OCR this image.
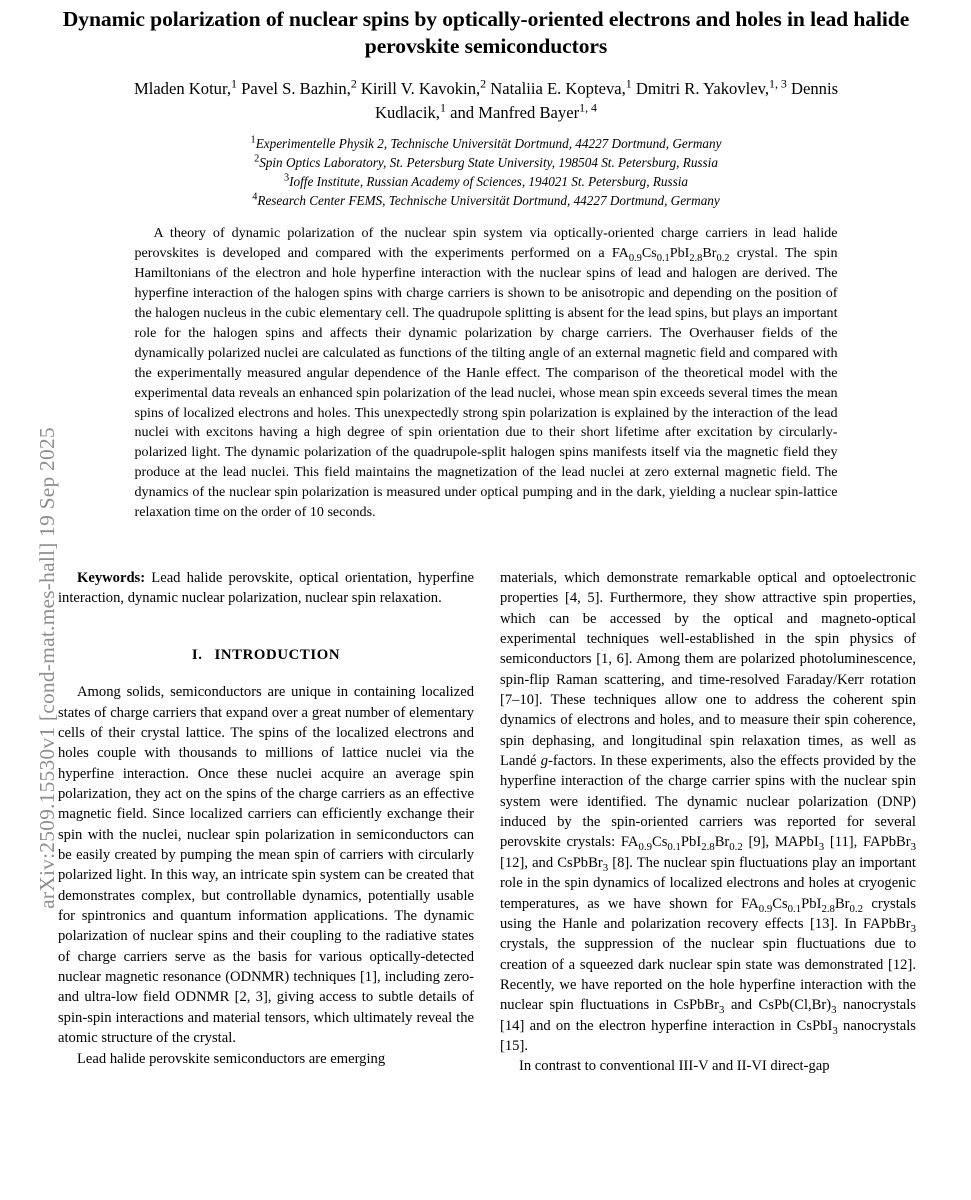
arXiv:2509.15530v1 [cond-mat.mes-hall] 19 Sep 2025
Dynamic polarization of nuclear spins by optically-oriented electrons and holes in lead halide perovskite semiconductors
Mladen Kotur,$^1$ Pavel S. Bazhin,$^2$ Kirill V. Kavokin,$^2$ Nataliia E. Kopteva,$^1$ Dmitri R. Yakovlev,$^{1, 3}$ Dennis Kudlacik,$^1$ and Manfred Bayer$^{1, 4}$
$^1$Experimentelle Physik 2, Technische Universität Dortmund, 44227 Dortmund, Germany
$^2$Spin Optics Laboratory, St. Petersburg State University, 198504 St. Petersburg, Russia
$^3$Ioffe Institute, Russian Academy of Sciences, 194021 St. Petersburg, Russia
$^4$Research Center FEMS, Technische Universität Dortmund, 44227 Dortmund, Germany

A theory of dynamic polarization of the nuclear spin system via optically-oriented charge carriers in lead halide perovskites is developed and compared with the experiments performed on a $FA_{0.9}Cs_{0.1}PbI_{2.8}Br_{0.2}$ crystal. The spin Hamiltonians of the electron and hole hyperfine interaction with the nuclear spins of lead and halogen are derived. The hyperfine interaction of the halogen spins with charge carriers is shown to be anisotropic and depending on the position of the halogen nucleus in the cubic elementary cell. The quadrupole splitting is absent for the lead spins, but plays an important role for the halogen spins and affects their dynamic polarization by charge carriers. The Overhauser fields of the dynamically polarized nuclei are calculated as functions of the tilting angle of an external magnetic field and compared with the experimentally measured angular dependence of the Hanle effect. The comparison of the theoretical model with the experimental data reveals an enhanced spin polarization of the lead nuclei, whose mean spin exceeds several times the mean spins of localized electrons and holes. This unexpectedly strong spin polarization is explained by the interaction of the lead nuclei with excitons having a high degree of spin orientation due to their short lifetime after excitation by circularly-polarized light. The dynamic polarization of the quadrupole-split halogen spins manifests itself via the magnetic field they produce at the lead nuclei. This field maintains the magnetization of the lead nuclei at zero external magnetic field. The dynamics of the nuclear spin polarization is measured under optical pumping and in the dark, yielding a nuclear spin-lattice relaxation time on the order of 10 seconds.

Keywords: Lead halide perovskite, optical orientation, hyperfine interaction, dynamic nuclear polarization, nuclear spin relaxation.

I. INTRODUCTION

Among solids, semiconductors are unique in containing localized states of charge carriers that expand over a great number of elementary cells of their crystal lattice. The spins of the localized electrons and holes couple with thousands to millions of lattice nuclei via the hyperfine interaction. Once these nuclei acquire an average spin polarization, they act on the spins of the charge carriers as an effective magnetic field. Since localized carriers can efficiently exchange their spin with the nuclei, nuclear spin polarization in semiconductors can be easily created by pumping the mean spin of carriers with circularly polarized light. In this way, an intricate spin system can be created that demonstrates complex, but controllable dynamics, potentially usable for spintronics and quantum information applications. The dynamic polarization of nuclear spins and their coupling to the radiative states of charge carriers serve as the basis for various optically-detected nuclear magnetic resonance (ODNMR) techniques [1], including zero- and ultra-low field ODNMR [2, 3], giving access to subtle details of spin-spin interactions and material tensors, which ultimately reveal the atomic structure of the crystal.

Lead halide perovskite semiconductors are emerging

materials, which demonstrate remarkable optical and optoelectronic properties [4, 5]. Furthermore, they show attractive spin properties, which can be accessed by the optical and magneto-optical experimental techniques well-established in the spin physics of semiconductors [1, 6]. Among them are polarized photoluminescence, spin-flip Raman scattering, and time-resolved Faraday/Kerr rotation [7–10]. These techniques allow one to address the coherent spin dynamics of electrons and holes, and to measure their spin coherence, spin dephasing, and longitudinal spin relaxation times, as well as Landé g-factors. In these experiments, also the effects provided by the hyperfine interaction of the charge carrier spins with the nuclear spin system were identified. The dynamic nuclear polarization (DNP) induced by the spin-oriented carriers was reported for several perovskite crystals: $FA_{0.9}Cs_{0.1}PbI_{2.8}Br_{0.2}$ [9], MAPbI$_3$ [11], FAPbBr$_3$ [12], and CsPbBr$_3$ [8]. The nuclear spin fluctuations play an important role in the spin dynamics of localized electrons and holes at cryogenic temperatures, as we have shown for $FA_{0.9}Cs_{0.1}PbI_{2.8}Br_{0.2}$ crystals using the Hanle and polarization recovery effects [13]. In FAPbBr$_3$ crystals, the suppression of the nuclear spin fluctuations due to creation of a squeezed dark nuclear spin state was demonstrated [12]. Recently, we have reported on the hole hyperfine interaction with the nuclear spin fluctuations in CsPbBr$_3$ and $CsPb(Cl,Br)_3$ nanocrystals [14] and on the electron hyperfine interaction in CsPbI$_3$ nanocrystals [15].

In contrast to conventional III-V and II-VI direct-gap
